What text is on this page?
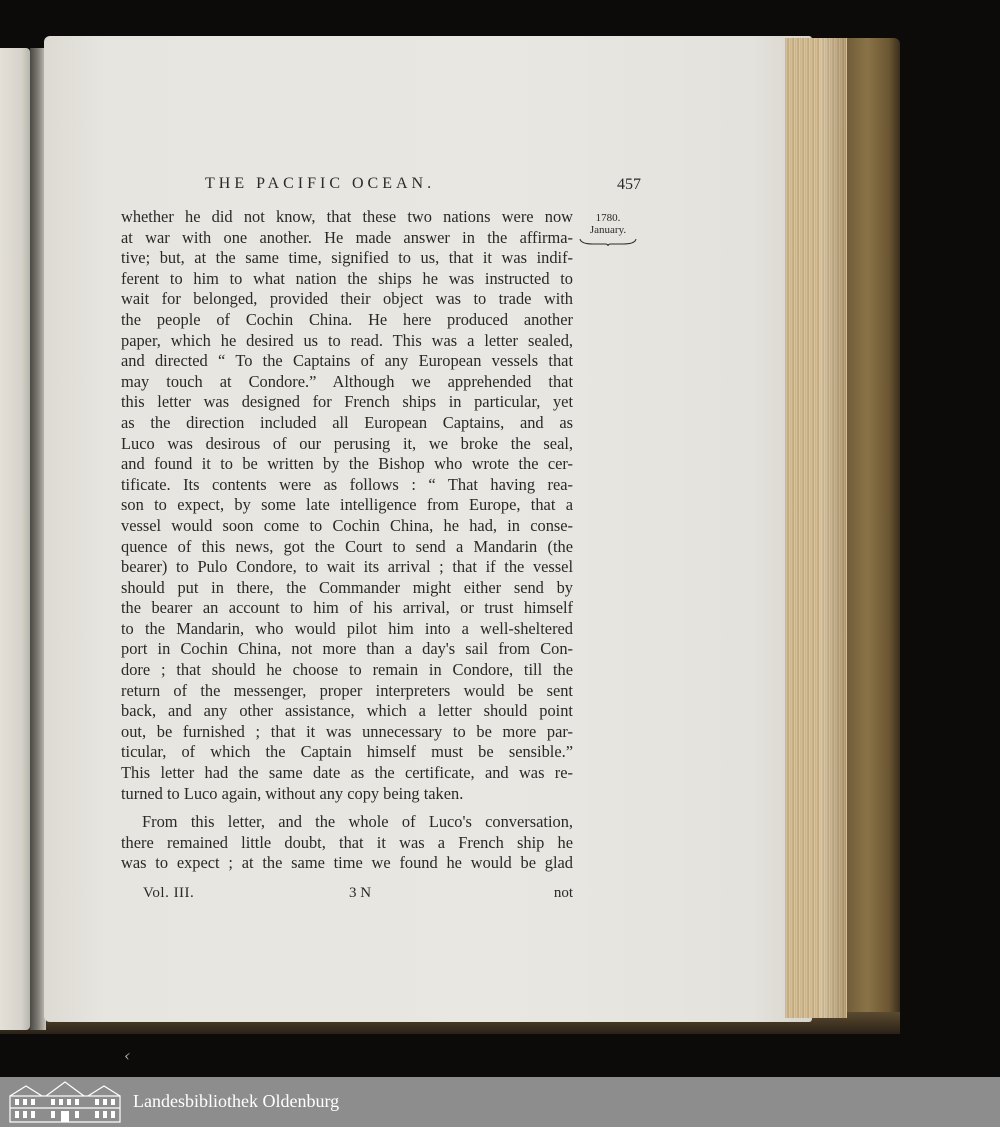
THE PACIFIC OCEAN.	457
1780.
January.
whether he did not know, that these two nations were now
at war with one another. He made answer in the affirma-
tive; but, at the same time, signified to us, that it was indif-
ferent to him to what nation the ships he was instructed to
wait for belonged, provided their object was to trade with
the people of Cochin China. He here produced another
paper, which he desired us to read. This was a letter sealed,
and directed “ To the Captains of any European vessels that
may touch at Condore.” Although we apprehended that
this letter was designed for French ships in particular, yet
as the direction included all European Captains, and as
Luco was desirous of our perusing it, we broke the seal,
and found it to be written by the Bishop who wrote the cer-
tificate. Its contents were as follows : “ That having rea-
son to expect, by some late intelligence from Europe, that a
vessel would soon come to Cochin China, he had, in conse-
quence of this news, got the Court to send a Mandarin (the
bearer) to Pulo Condore, to wait its arrival ; that if the vessel
should put in there, the Commander might either send by
the bearer an account to him of his arrival, or trust himself
to the Mandarin, who would pilot him into a well-sheltered
port in Cochin China, not more than a day's sail from Con-
dore ; that should he choose to remain in Condore, till the
return of the messenger, proper interpreters would be sent
back, and any other assistance, which a letter should point
out, be furnished ; that it was unnecessary to be more par-
ticular, of which the Captain himself must be sensible.”
This letter had the same date as the certificate, and was re-
turned to Luco again, without any copy being taken.
From this letter, and the whole of Luco's conversation,
there remained little doubt, that it was a French ship he
was to expect ; at the same time we found he would be glad
Vol. III.	3 N	not
‹
Landesbibliothek Oldenburg
